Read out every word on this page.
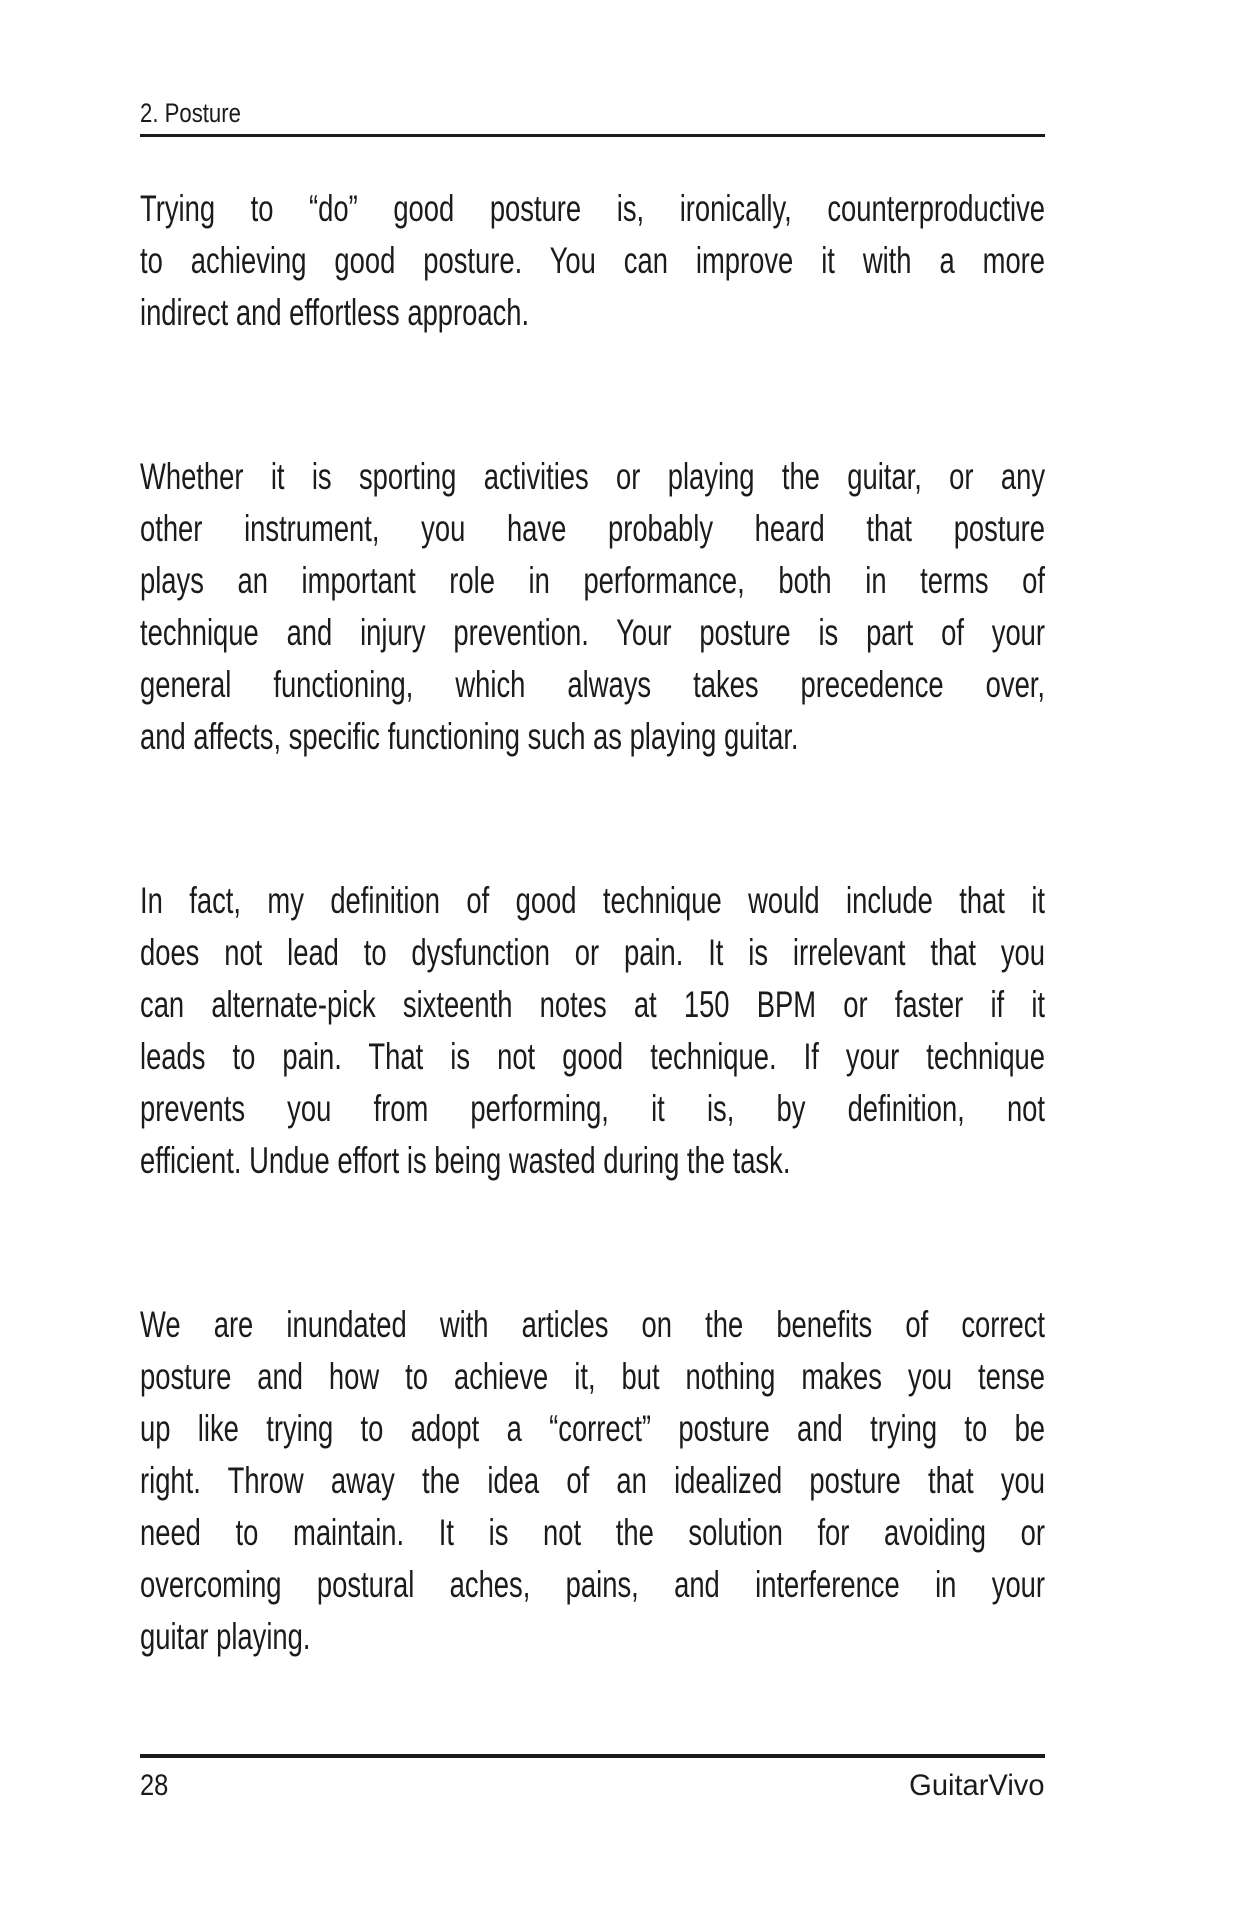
2. Posture
Trying to “do” good posture is, ironically, counterproductive
to achieving good posture. You can improve it with a more
indirect and effortless approach.
Whether it is sporting activities or playing the guitar, or any
other instrument, you have probably heard that posture
plays an important role in performance, both in terms of
technique and injury prevention. Your posture is part of your
general functioning, which always takes precedence over,
and affects, specific functioning such as playing guitar.
In fact, my definition of good technique would include that it
does not lead to dysfunction or pain. It is irrelevant that you
can alternate-pick sixteenth notes at 150 BPM or faster if it
leads to pain. That is not good technique. If your technique
prevents you from performing, it is, by definition, not
efficient. Undue effort is being wasted during the task.
We are inundated with articles on the benefits of correct
posture and how to achieve it, but nothing makes you tense
up like trying to adopt a “correct” posture and trying to be
right. Throw away the idea of an idealized posture that you
need to maintain. It is not the solution for avoiding or
overcoming postural aches, pains, and interference in your
guitar playing.
28	GuitarVivo
